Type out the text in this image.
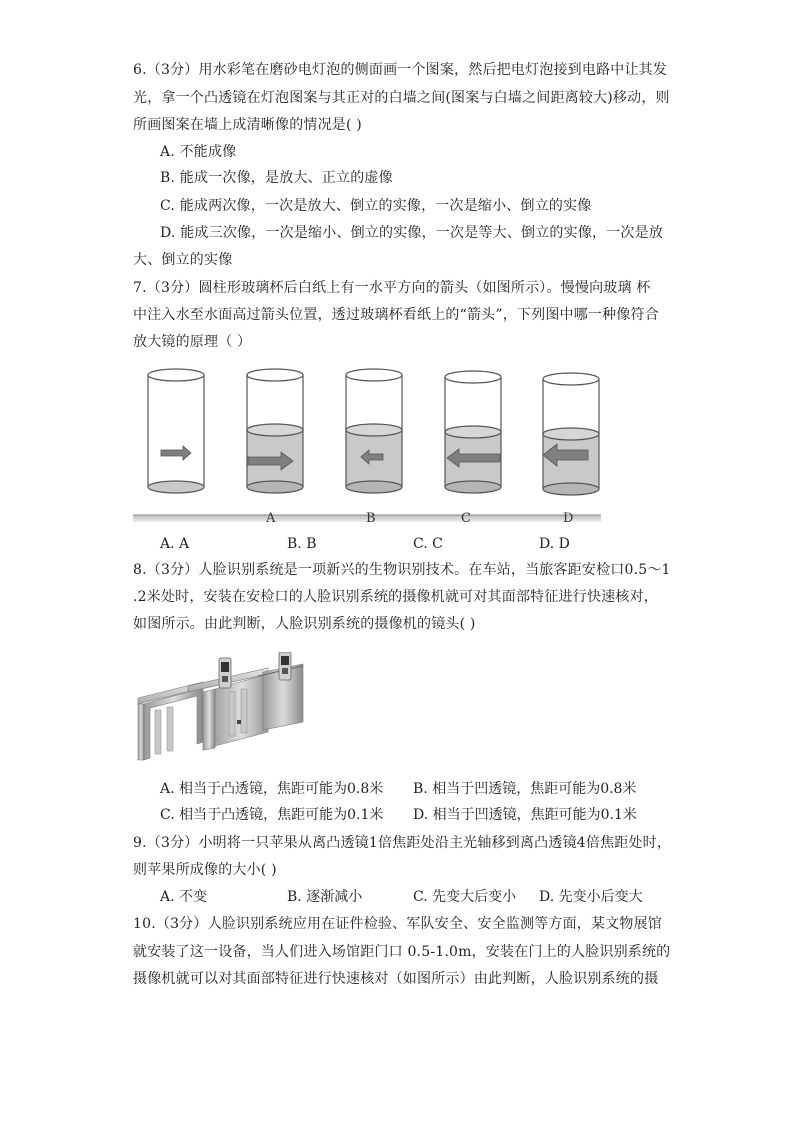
6.（3分）用水彩笔在磨砂电灯泡的侧面画一个图案，然后把电灯泡接到电路中让其发
光，拿一个凸透镜在灯泡图案与其正对的白墙之间(图案与白墙之间距离较大)移动，则
所画图案在墙上成清晰像的情况是( )
A. 不能成像
B. 能成一次像，是放大、正立的虚像
C. 能成两次像，一次是放大、倒立的实像，一次是缩小、倒立的实像
D. 能成三次像，一次是缩小、倒立的实像，一次是等大、倒立的实像，一次是放
大、倒立的实像
7.（3分）圆柱形玻璃杯后白纸上有一水平方向的箭头（如图所示）。慢慢向玻璃 杯
中注入水至水面高过箭头位置，透过玻璃杯看纸上的“箭头”，下列图中哪一种像符合
放大镜的原理（ ）
A	B	C	D
A. A	B. B	C. C	D. D
8.（3分）人脸识别系统是一项新兴的生物识别技术。在车站，当旅客距安检口0.5～1
.2米处时，安装在安检口的人脸识别系统的摄像机就可对其面部特征进行快速核对，
如图所示。由此判断，人脸识别系统的摄像机的镜头( )
A. 相当于凸透镜，焦距可能为0.8米 B. 相当于凹透镜，焦距可能为0.8米
C. 相当于凸透镜，焦距可能为0.1米 D. 相当于凹透镜，焦距可能为0.1米
9.（3分）小明将一只苹果从离凸透镜1倍焦距处沿主光轴移到离凸透镜4倍焦距处时，
则苹果所成像的大小( )
A. 不变	B. 逐渐减小	C. 先变大后变小 D. 先变小后变大
10.（3分）人脸识别系统应用在证件检验、军队安全、安全监测等方面，某文物展馆
就安装了这一设备，当人们进入场馆距门口 0.5-1.0m，安装在门上的人脸识别系统的
摄像机就可以对其面部特征进行快速核对（如图所示）由此判断，人脸识别系统的摄
